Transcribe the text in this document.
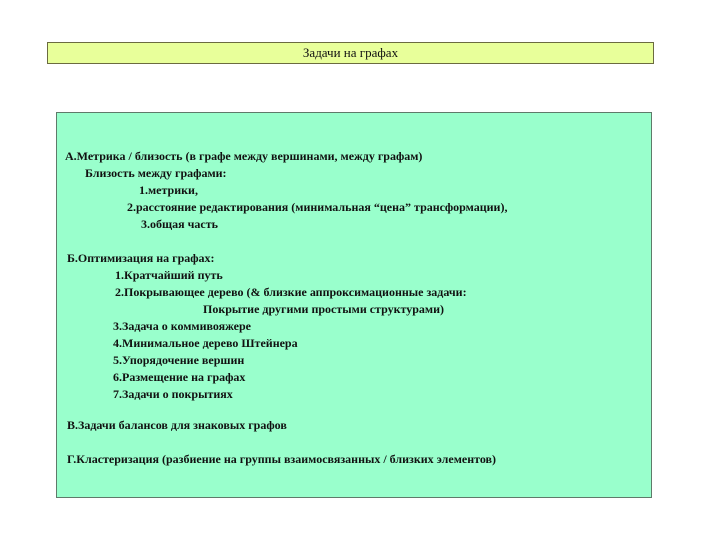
Задачи на графах
А.Метрика / близость (в графе между вершинами, между графам)
Близость между графами:
1.метрики,
2.расстояние редактирования (минимальная “цена” трансформации),
3.общая часть
Б.Оптимизация на графах:
1.Кратчайший путь
2.Покрывающее дерево (& близкие аппроксимационные задачи:
Покрытие другими простыми структурами)
3.Задача о коммивояжере
4.Минимальное дерево Штейнера
5.Упорядочение вершин
6.Размещение на графах
7.Задачи о покрытиях
В.Задачи балансов для знаковых графов
Г.Кластеризация (разбиение на группы взаимосвязанных / близких элементов)
